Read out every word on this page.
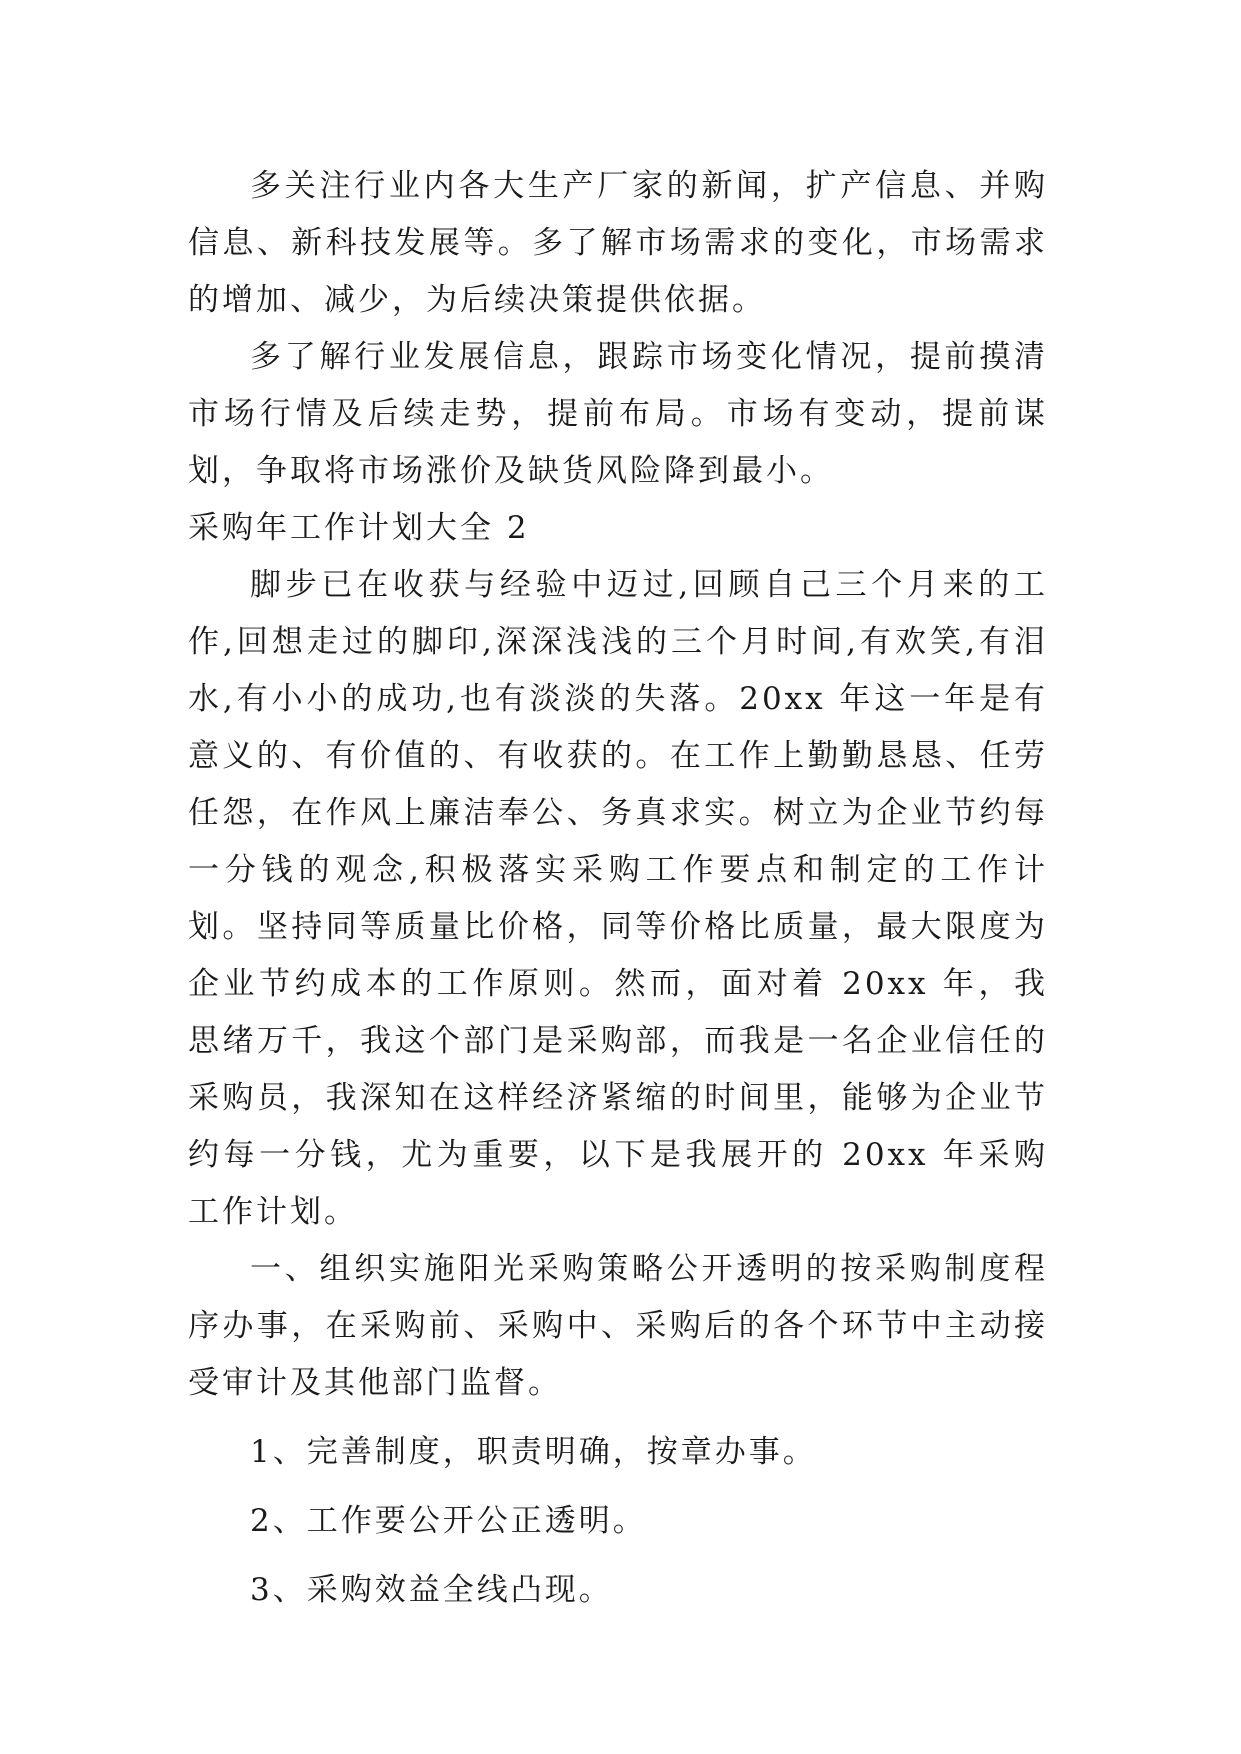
多关注行业内各大生产厂家的新闻，扩产信息、并购信息、新科技发展等。多了解市场需求的变化，市场需求的增加、减少，为后续决策提供依据。

多了解行业发展信息，跟踪市场变化情况，提前摸清市场行情及后续走势，提前布局。市场有变动，提前谋划，争取将市场涨价及缺货风险降到最小。

采购年工作计划大全 2

脚步已在收获与经验中迈过,回顾自己三个月来的工作,回想走过的脚印,深深浅浅的三个月时间,有欢笑,有泪水,有小小的成功,也有淡淡的失落。20xx 年这一年是有意义的、有价值的、有收获的。在工作上勤勤恳恳、任劳任怨，在作风上廉洁奉公、务真求实。树立为企业节约每一分钱的观念,积极落实采购工作要点和制定的工作计划。坚持同等质量比价格，同等价格比质量，最大限度为企业节约成本的工作原则。然而，面对着 20xx 年，我思绪万千，我这个部门是采购部，而我是一名企业信任的采购员，我深知在这样经济紧缩的时间里，能够为企业节约每一分钱，尤为重要，以下是我展开的 20xx 年采购工作计划。

一、组织实施阳光采购策略公开透明的按采购制度程序办事，在采购前、采购中、采购后的各个环节中主动接受审计及其他部门监督。

1、完善制度，职责明确，按章办事。

2、工作要公开公正透明。

3、采购效益全线凸现。
